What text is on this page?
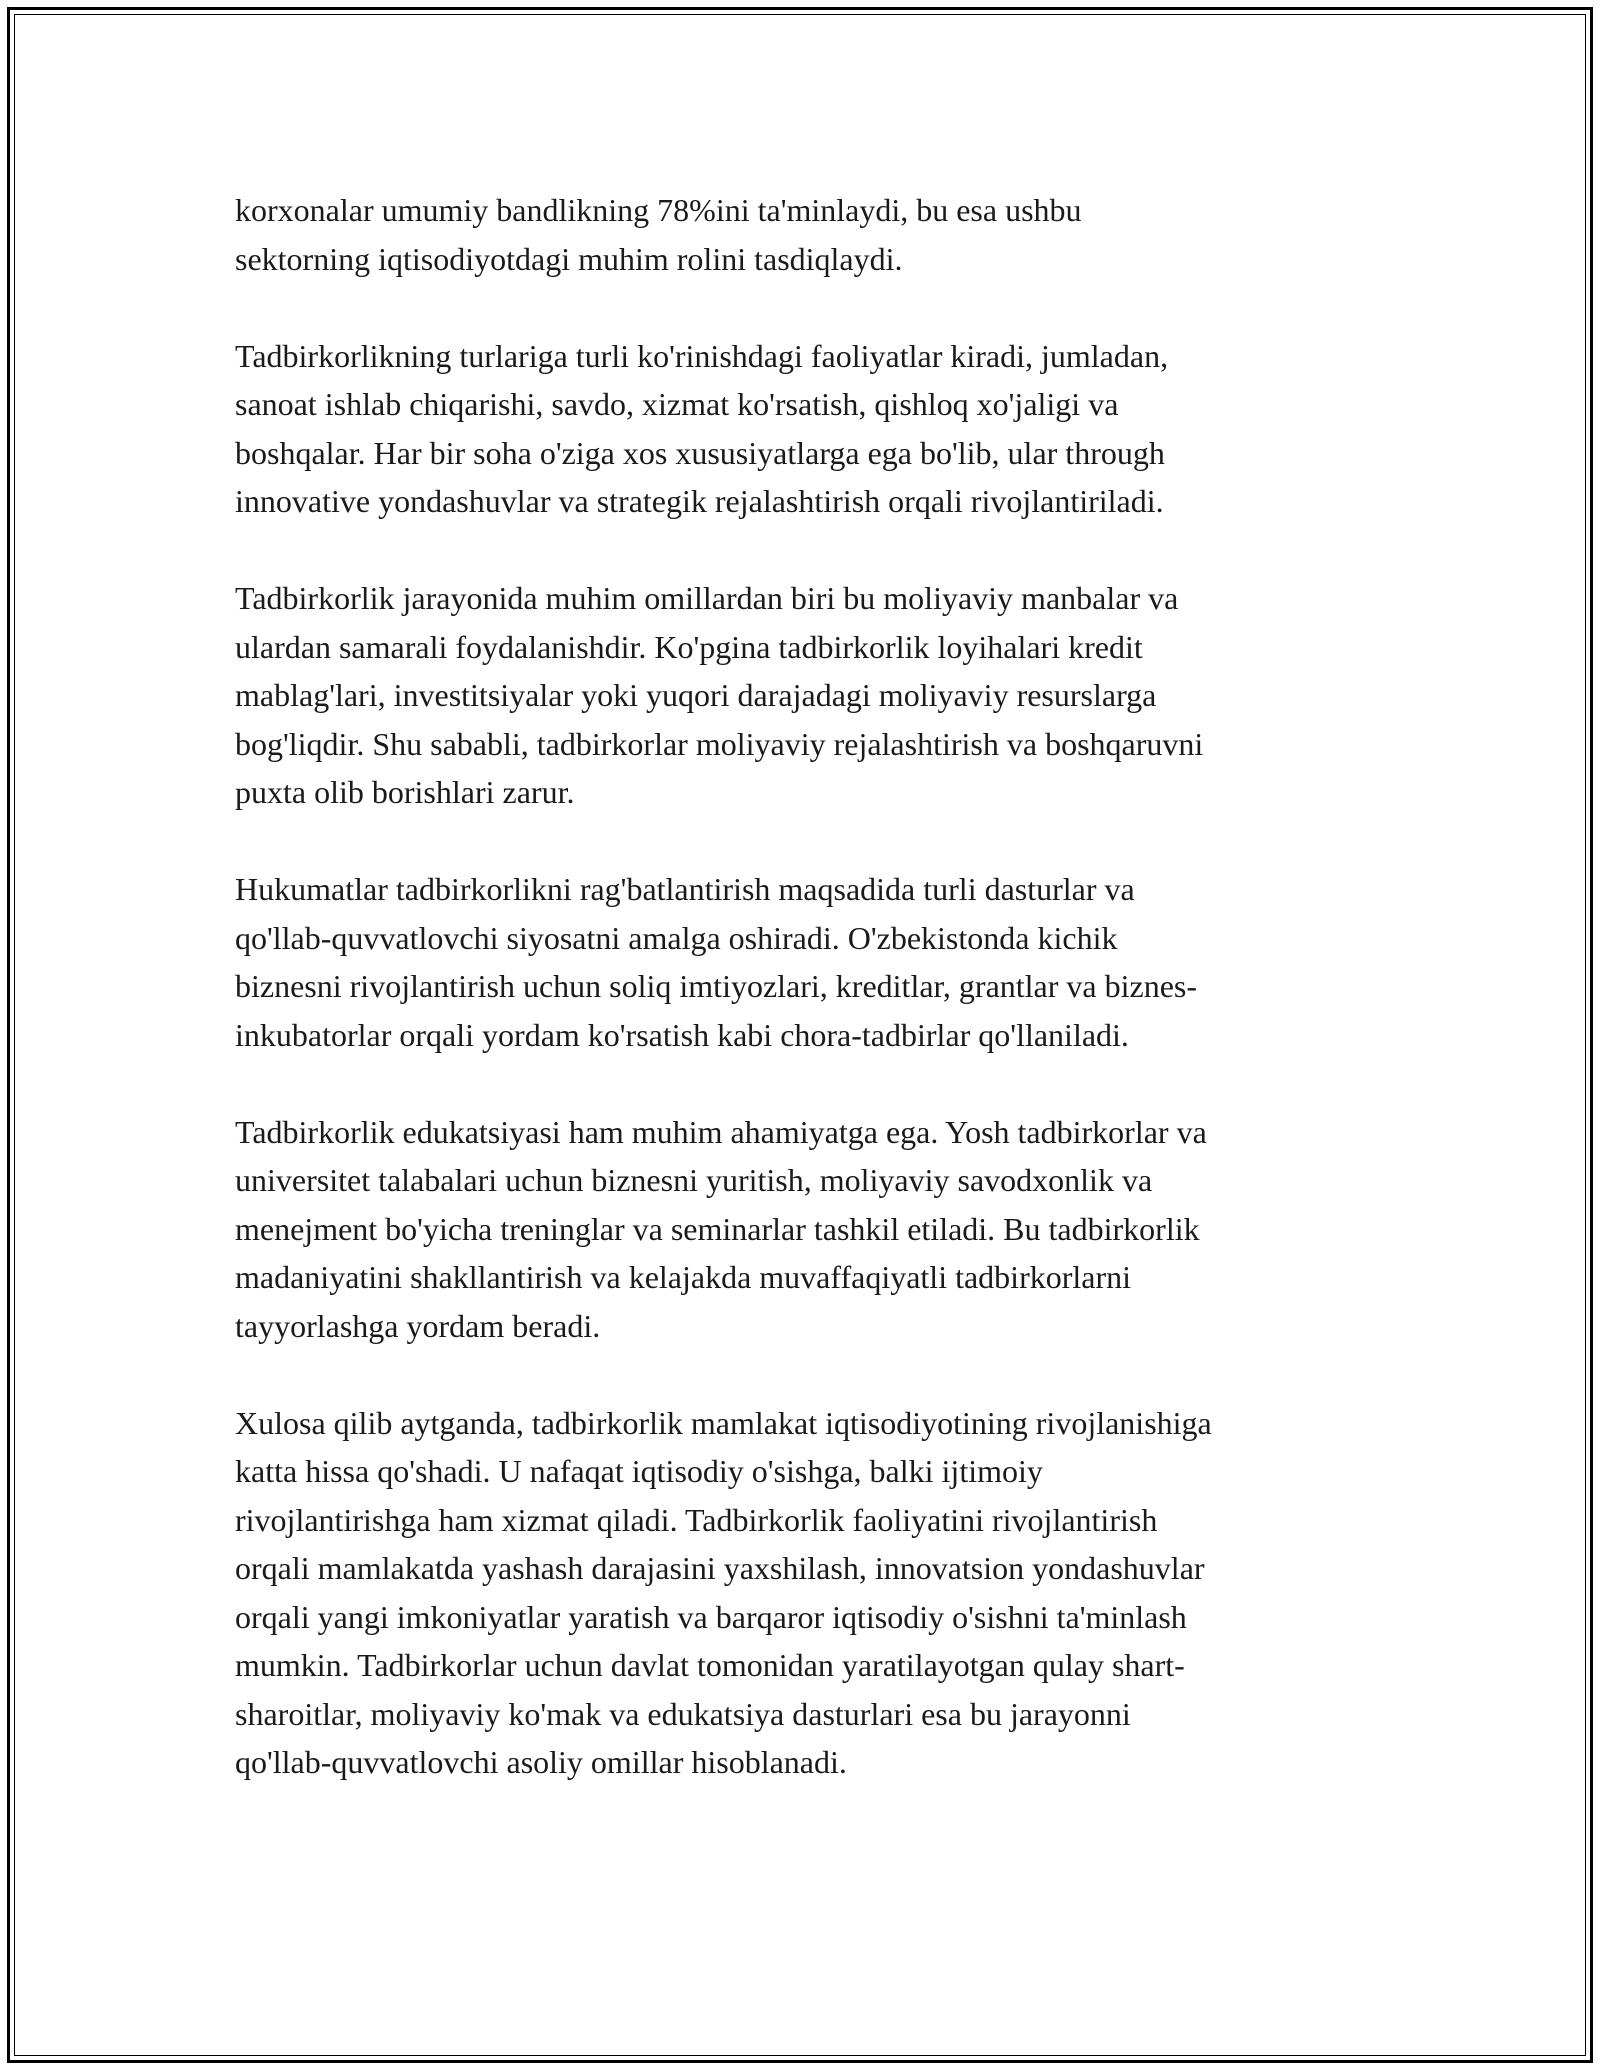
korxonalar umumiy bandlikning 78%ini ta'minlaydi, bu esa ushbu
sektorning iqtisodiyotdagi muhim rolini tasdiqlaydi.

Tadbirkorlikning turlariga turli ko'rinishdagi faoliyatlar kiradi, jumladan,
sanoat ishlab chiqarishi, savdo, xizmat ko'rsatish, qishloq xo'jaligi va
boshqalar. Har bir soha o'ziga xos xususiyatlarga ega bo'lib, ular through
innovative yondashuvlar va strategik rejalashtirish orqali rivojlantiriladi.

Tadbirkorlik jarayonida muhim omillardan biri bu moliyaviy manbalar va
ulardan samarali foydalanishdir. Ko'pgina tadbirkorlik loyihalari kredit
mablag'lari, investitsiyalar yoki yuqori darajadagi moliyaviy resurslarga
bog'liqdir. Shu sababli, tadbirkorlar moliyaviy rejalashtirish va boshqaruvni
puxta olib borishlari zarur.

Hukumatlar tadbirkorlikni rag'batlantirish maqsadida turli dasturlar va
qo'llab-quvvatlovchi siyosatni amalga oshiradi. O'zbekistonda kichik
biznesni rivojlantirish uchun soliq imtiyozlari, kreditlar, grantlar va biznes-
inkubatorlar orqali yordam ko'rsatish kabi chora-tadbirlar qo'llaniladi.

Tadbirkorlik edukatsiyasi ham muhim ahamiyatga ega. Yosh tadbirkorlar va
universitet talabalari uchun biznesni yuritish, moliyaviy savodxonlik va
menejment bo'yicha treninglar va seminarlar tashkil etiladi. Bu tadbirkorlik
madaniyatini shakllantirish va kelajakda muvaffaqiyatli tadbirkorlarni
tayyorlashga yordam beradi.

Xulosa qilib aytganda, tadbirkorlik mamlakat iqtisodiyotining rivojlanishiga
katta hissa qo'shadi. U nafaqat iqtisodiy o'sishga, balki ijtimoiy
rivojlantirishga ham xizmat qiladi. Tadbirkorlik faoliyatini rivojlantirish
orqali mamlakatda yashash darajasini yaxshilash, innovatsion yondashuvlar
orqali yangi imkoniyatlar yaratish va barqaror iqtisodiy o'sishni ta'minlash
mumkin. Tadbirkorlar uchun davlat tomonidan yaratilayotgan qulay shart-
sharoitlar, moliyaviy ko'mak va edukatsiya dasturlari esa bu jarayonni
qo'llab-quvvatlovchi asoliy omillar hisoblanadi.
